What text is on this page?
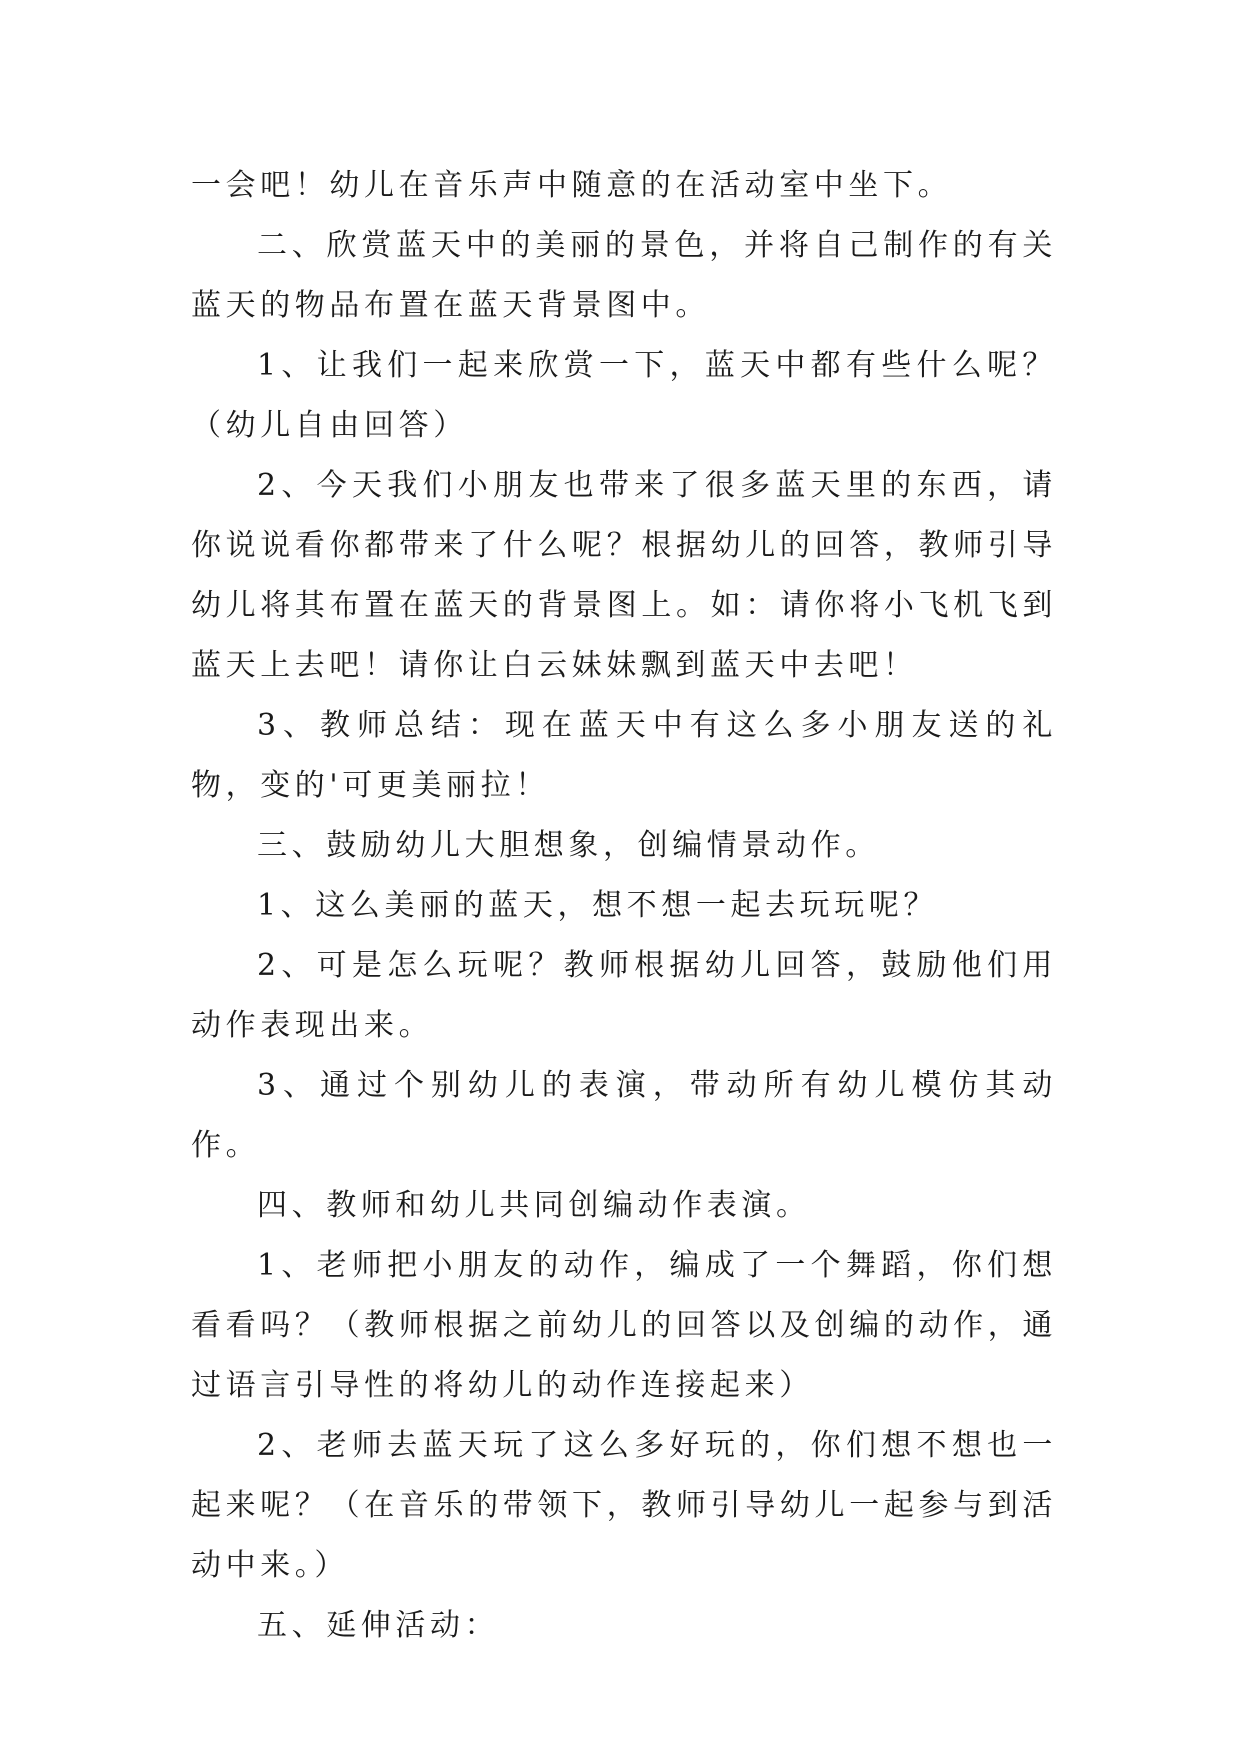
一会吧！幼儿在音乐声中随意的在活动室中坐下。

二、欣赏蓝天中的美丽的景色，并将自己制作的有关蓝天的物品布置在蓝天背景图中。

1、让我们一起来欣赏一下，蓝天中都有些什么呢？（幼儿自由回答）

2、今天我们小朋友也带来了很多蓝天里的东西，请你说说看你都带来了什么呢？根据幼儿的回答，教师引导幼儿将其布置在蓝天的背景图上。如：请你将小飞机飞到蓝天上去吧！请你让白云妹妹飘到蓝天中去吧！

3、教师总结：现在蓝天中有这么多小朋友送的礼物，变的'可更美丽拉！

三、鼓励幼儿大胆想象，创编情景动作。

1、这么美丽的蓝天，想不想一起去玩玩呢？

2、可是怎么玩呢？教师根据幼儿回答，鼓励他们用动作表现出来。

3、通过个别幼儿的表演，带动所有幼儿模仿其动作。

四、教师和幼儿共同创编动作表演。

1、老师把小朋友的动作，编成了一个舞蹈，你们想看看吗？（教师根据之前幼儿的回答以及创编的动作，通过语言引导性的将幼儿的动作连接起来）

2、老师去蓝天玩了这么多好玩的，你们想不想也一起来呢？（在音乐的带领下，教师引导幼儿一起参与到活动中来。）

五、延伸活动：
